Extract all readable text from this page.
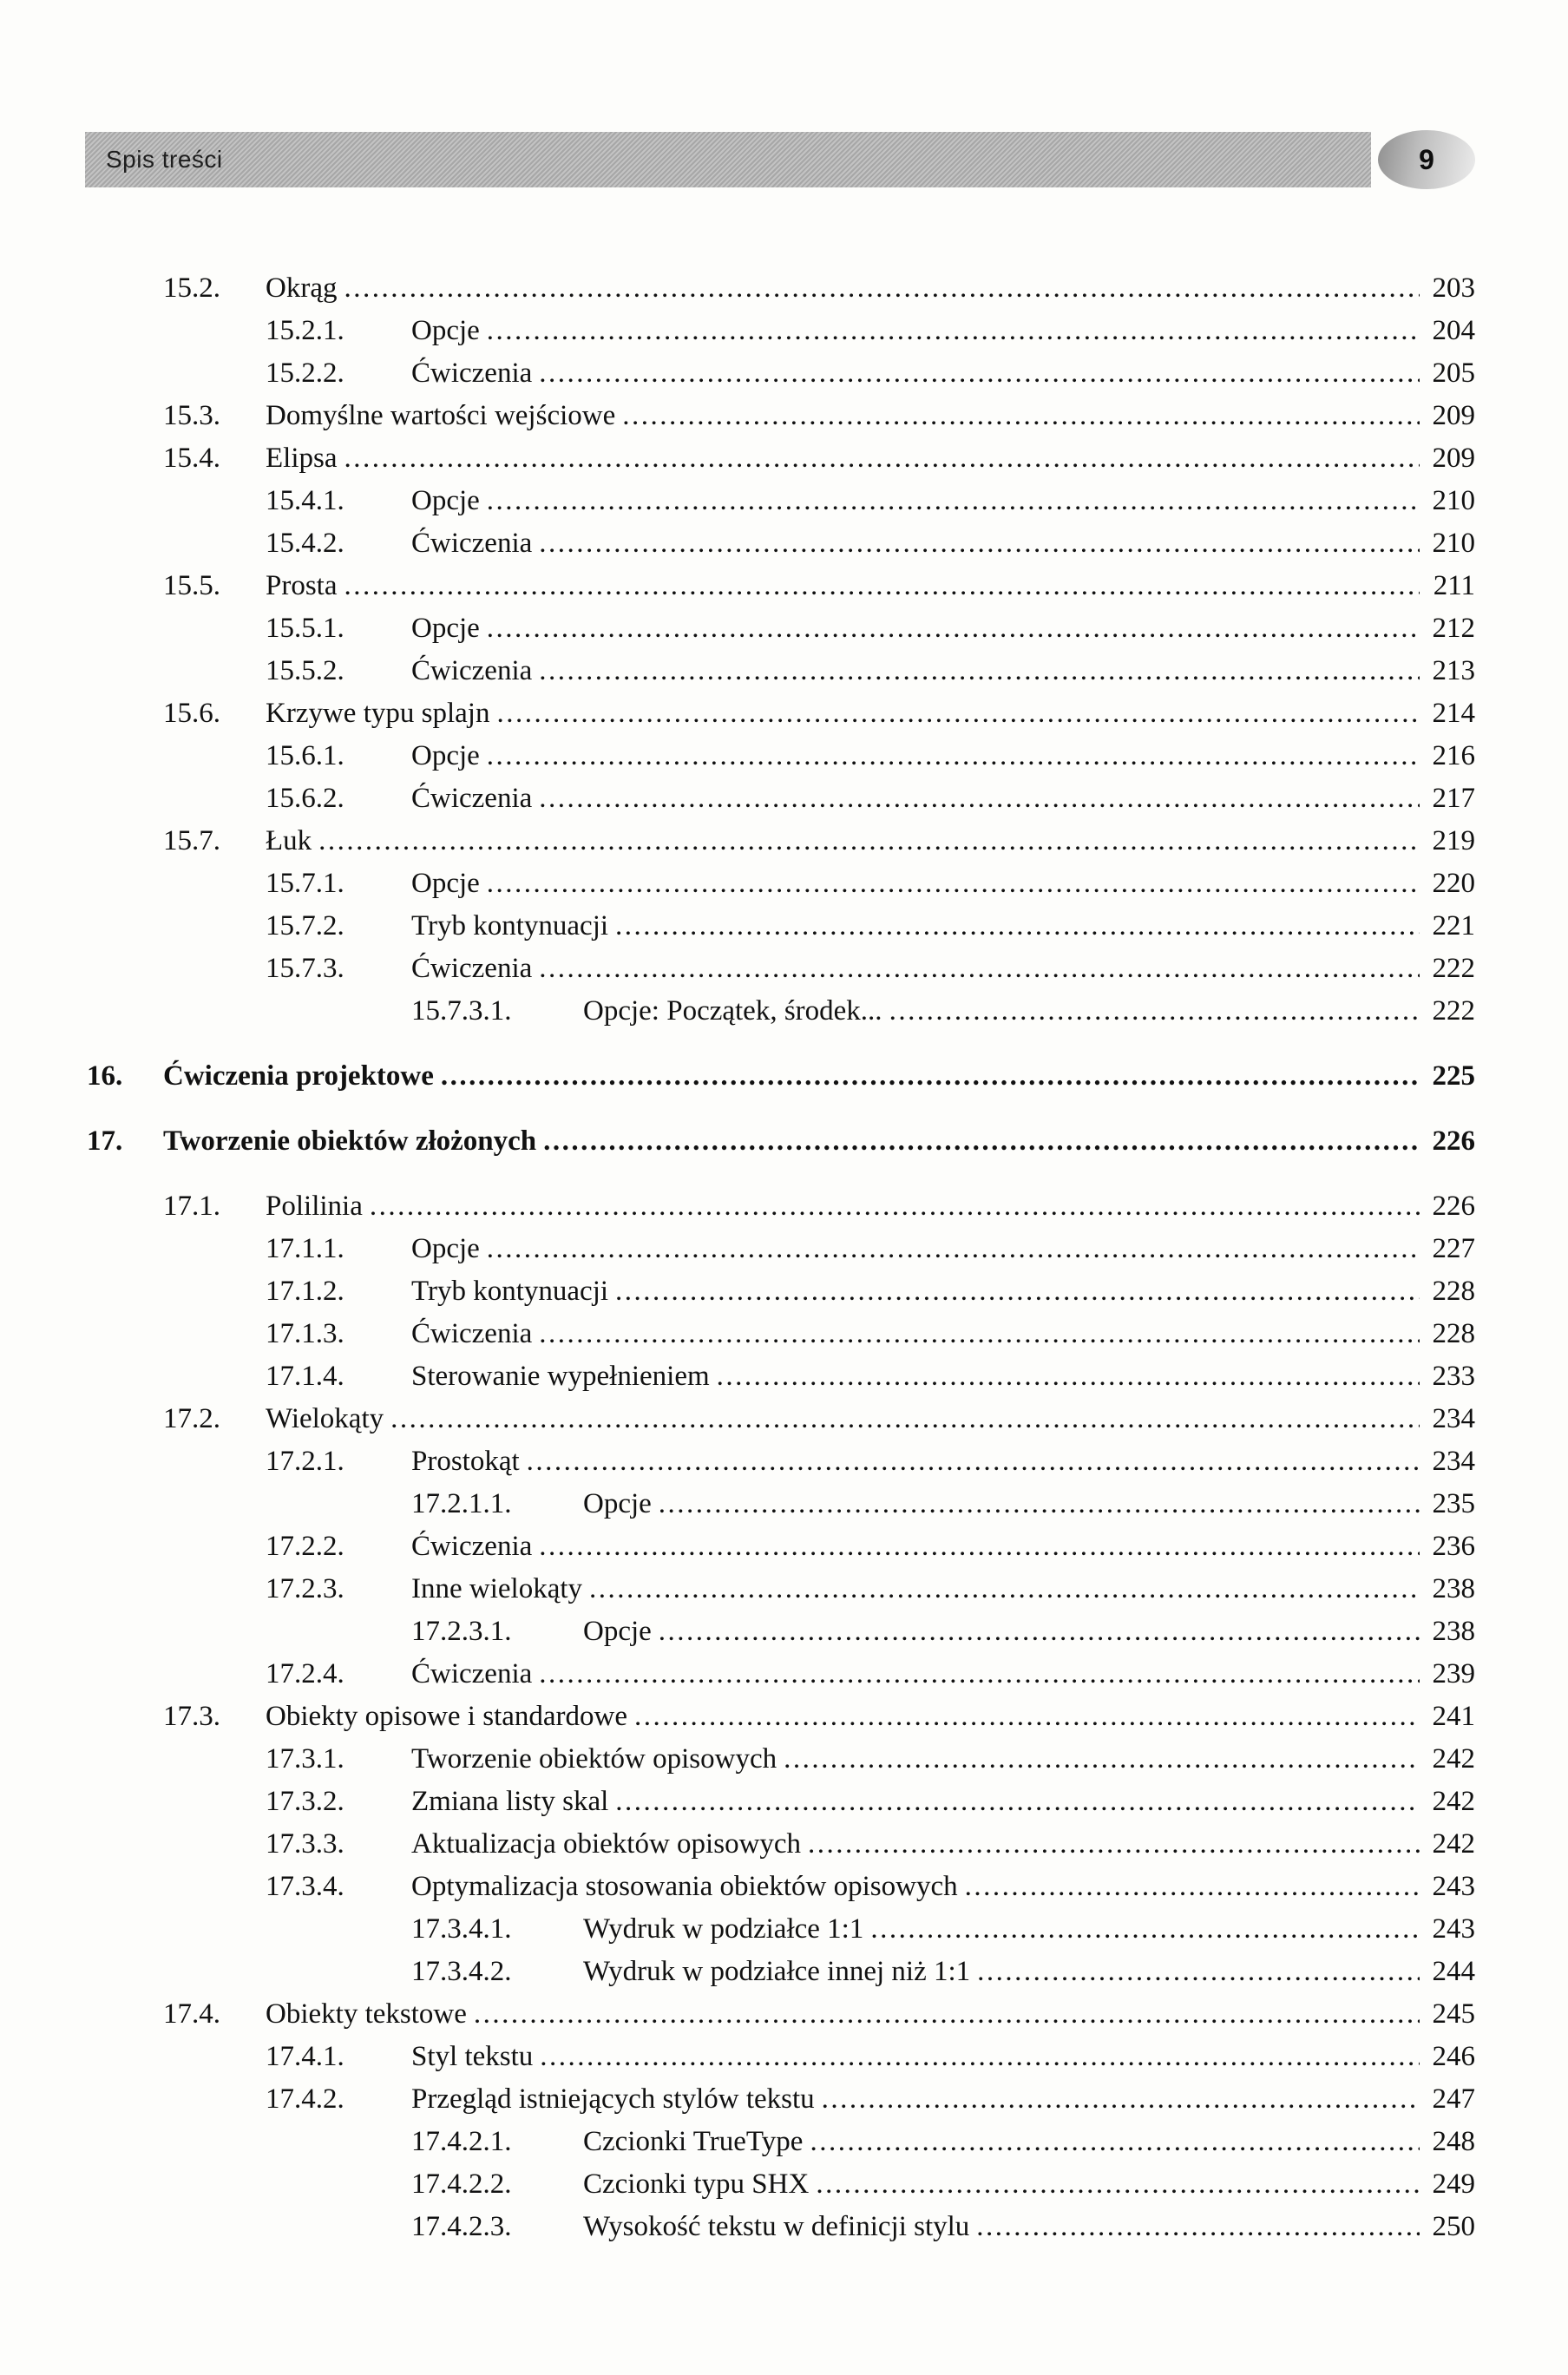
Spis treści	9
15.2.	Okrąg .....	203
15.2.1.	Opcje .....	204
15.2.2.	Ćwiczenia .....	205
15.3.	Domyślne wartości wejściowe .....	209
15.4.	Elipsa .....	209
15.4.1.	Opcje .....	210
15.4.2.	Ćwiczenia .....	210
15.5.	Prosta .....	211
15.5.1.	Opcje .....	212
15.5.2.	Ćwiczenia .....	213
15.6.	Krzywe typu splajn .....	214
15.6.1.	Opcje .....	216
15.6.2.	Ćwiczenia .....	217
15.7.	Łuk .....	219
15.7.1.	Opcje .....	220
15.7.2.	Tryb kontynuacji .....	221
15.7.3.	Ćwiczenia .....	222
15.7.3.1.	Opcje: Początek, środek... .....	222
16.	Ćwiczenia projektowe .....	225
17.	Tworzenie obiektów złożonych .....	226
17.1.	Polilinia .....	226
17.1.1.	Opcje .....	227
17.1.2.	Tryb kontynuacji .....	228
17.1.3.	Ćwiczenia .....	228
17.1.4.	Sterowanie wypełnieniem .....	233
17.2.	Wielokąty .....	234
17.2.1.	Prostokąt .....	234
17.2.1.1.	Opcje .....	235
17.2.2.	Ćwiczenia .....	236
17.2.3.	Inne wielokąty .....	238
17.2.3.1.	Opcje .....	238
17.2.4.	Ćwiczenia .....	239
17.3.	Obiekty opisowe i standardowe .....	241
17.3.1.	Tworzenie obiektów opisowych .....	242
17.3.2.	Zmiana listy skal .....	242
17.3.3.	Aktualizacja obiektów opisowych .....	242
17.3.4.	Optymalizacja stosowania obiektów opisowych .....	243
17.3.4.1.	Wydruk w podziałce 1:1 .....	243
17.3.4.2.	Wydruk w podziałce innej niż 1:1 .....	244
17.4.	Obiekty tekstowe .....	245
17.4.1.	Styl tekstu .....	246
17.4.2.	Przegląd istniejących stylów tekstu .....	247
17.4.2.1.	Czcionki TrueType .....	248
17.4.2.2.	Czcionki typu SHX .....	249
17.4.2.3.	Wysokość tekstu w definicji stylu .....	250
